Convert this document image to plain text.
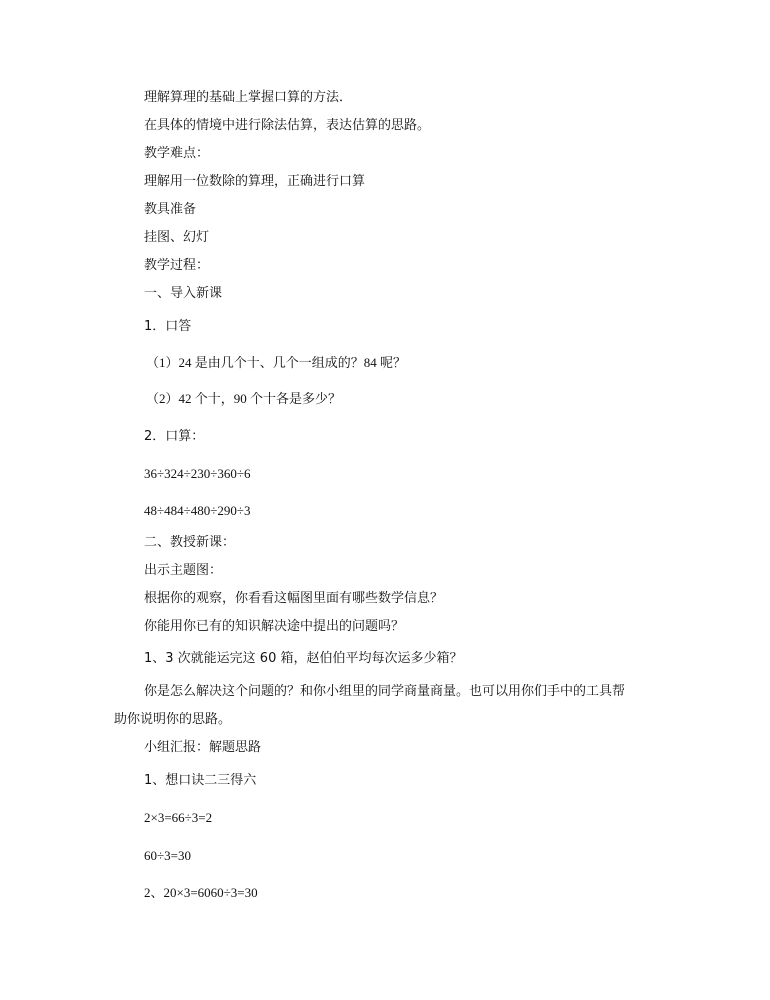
理解算理的基础上掌握口算的方法．
在具体的情境中进行除法估算，表达估算的思路。
教学难点：
理解用一位数除的算理，正确进行口算
教具准备
挂图、幻灯
教学过程：
一、导入新课
1．口答
（1）24 是由几个十、几个一组成的？84 呢？
（2）42 个十，90 个十各是多少？
2．口算：
36÷324÷230÷360÷6
48÷484÷480÷290÷3
二、教授新课：
出示主题图：
根据你的观察，你看看这幅图里面有哪些数学信息？
你能用你已有的知识解决途中提出的问题吗？
1、3 次就能运完这 60 箱，赵伯伯平均每次运多少箱？
你是怎么解决这个问题的？和你小组里的同学商量商量。也可以用你们手中的工具帮
助你说明你的思路。
小组汇报：解题思路
1、想口诀二三得六
2×3=66÷3=2
60÷3=30
2、20×3=6060÷3=30
